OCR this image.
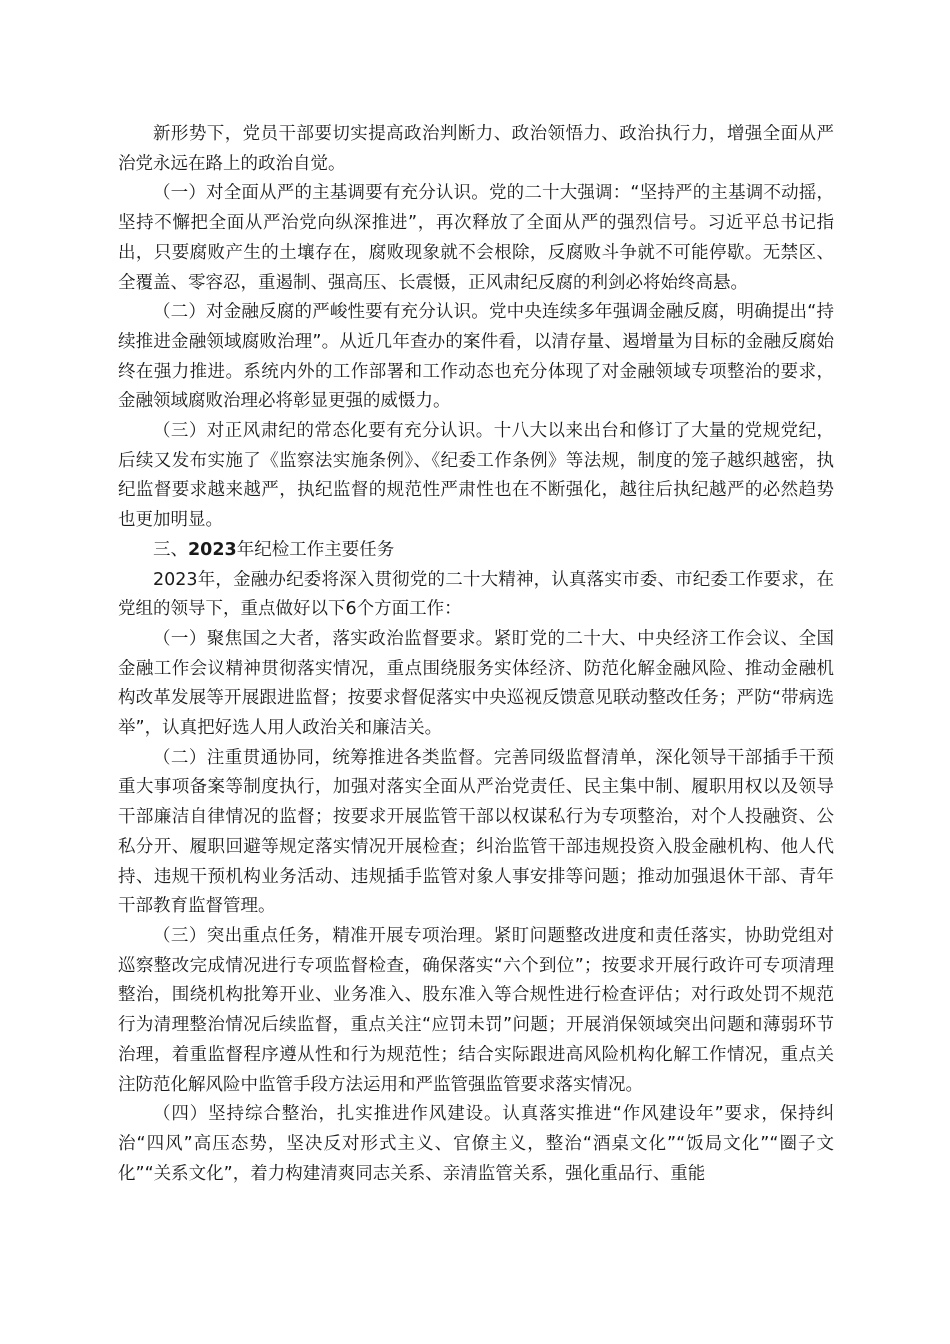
新形势下，党员干部要切实提高政治判断力、政治领悟力、政治执行力，增强全面从严治党永远在路上的政治自觉。

（一）对全面从严的主基调要有充分认识。党的二十大强调：“坚持严的主基调不动摇，坚持不懈把全面从严治党向纵深推进”，再次释放了全面从严的强烈信号。习近平总书记指出，只要腐败产生的土壤存在，腐败现象就不会根除，反腐败斗争就不可能停歇。无禁区、全覆盖、零容忍，重遏制、强高压、长震慑，正风肃纪反腐的利剑必将始终高悬。

（二）对金融反腐的严峻性要有充分认识。党中央连续多年强调金融反腐，明确提出“持续推进金融领域腐败治理”。从近几年查办的案件看，以清存量、遏增量为目标的金融反腐始终在强力推进。系统内外的工作部署和工作动态也充分体现了对金融领域专项整治的要求，金融领域腐败治理必将彰显更强的威慑力。

（三）对正风肃纪的常态化要有充分认识。十八大以来出台和修订了大量的党规党纪，后续又发布实施了《监察法实施条例》、《纪委工作条例》等法规，制度的笼子越织越密，执纪监督要求越来越严，执纪监督的规范性严肃性也在不断强化，越往后执纪越严的必然趋势也更加明显。

三、2023年纪检工作主要任务

2023年，金融办纪委将深入贯彻党的二十大精神，认真落实市委、市纪委工作要求，在党组的领导下，重点做好以下6个方面工作：

（一）聚焦国之大者，落实政治监督要求。紧盯党的二十大、中央经济工作会议、全国金融工作会议精神贯彻落实情况，重点围绕服务实体经济、防范化解金融风险、推动金融机构改革发展等开展跟进监督；按要求督促落实中央巡视反馈意见联动整改任务；严防“带病选举”，认真把好选人用人政治关和廉洁关。

（二）注重贯通协同，统筹推进各类监督。完善同级监督清单，深化领导干部插手干预重大事项备案等制度执行，加强对落实全面从严治党责任、民主集中制、履职用权以及领导干部廉洁自律情况的监督；按要求开展监管干部以权谋私行为专项整治，对个人投融资、公私分开、履职回避等规定落实情况开展检查；纠治监管干部违规投资入股金融机构、他人代持、违规干预机构业务活动、违规插手监管对象人事安排等问题；推动加强退休干部、青年干部教育监督管理。

（三）突出重点任务，精准开展专项治理。紧盯问题整改进度和责任落实，协助党组对巡察整改完成情况进行专项监督检查，确保落实“六个到位”；按要求开展行政许可专项清理整治，围绕机构批筹开业、业务准入、股东准入等合规性进行检查评估；对行政处罚不规范行为清理整治情况后续监督，重点关注“应罚未罚”问题；开展消保领域突出问题和薄弱环节治理，着重监督程序遵从性和行为规范性；结合实际跟进高风险机构化解工作情况，重点关注防范化解风险中监管手段方法运用和严监管强监管要求落实情况。

（四）坚持综合整治，扎实推进作风建设。认真落实推进“作风建设年”要求，保持纠治“四风”高压态势，坚决反对形式主义、官僚主义，整治“酒桌文化”“饭局文化”“圈子文化”“关系文化”，着力构建清爽同志关系、亲清监管关系，强化重品行、重能
